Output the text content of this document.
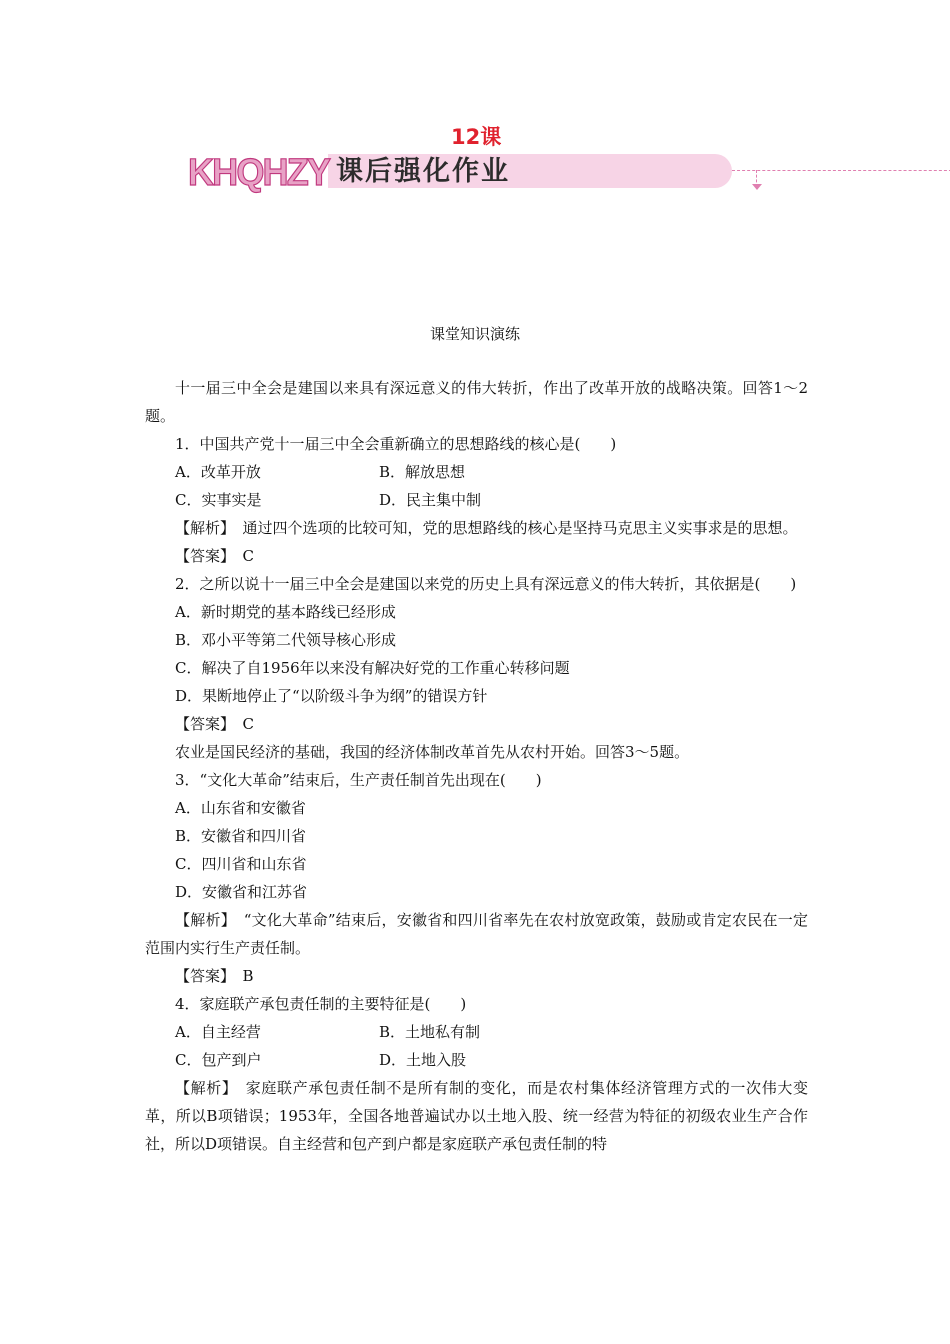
12课
KHQHZY 课后强化作业
课堂知识演练

十一届三中全会是建国以来具有深远意义的伟大转折，作出了改革开放的战略决策。回答1～2题。

1．中国共产党十一届三中全会重新确立的思想路线的核心是(　　)

A．改革开放	B．解放思想
C．实事实是	D．民主集中制

【解析】　 通过四个选项的比较可知，党的思想路线的核心是坚持马克思主义实事求是的思想。

【答案】　 C

2．之所以说十一届三中全会是建国以来党的历史上具有深远意义的伟大转折，其依据是(　　)

A．新时期党的基本路线已经形成

B．邓小平等第二代领导核心形成

C．解决了自1956年以来没有解决好党的工作重心转移问题

D．果断地停止了“以阶级斗争为纲”的错误方针

【答案】　 C

农业是国民经济的基础，我国的经济体制改革首先从农村开始。回答3～5题。

3．“文化大革命”结束后，生产责任制首先出现在(　　)

A．山东省和安徽省

B．安徽省和四川省

C．四川省和山东省

D．安徽省和江苏省

【解析】　 “文化大革命”结束后，安徽省和四川省率先在农村放宽政策，鼓励或肯定农民在一定范围内实行生产责任制。

【答案】　 B

4．家庭联产承包责任制的主要特征是(　　)

A．自主经营	B．土地私有制
C．包产到户	D．土地入股

【解析】　 家庭联产承包责任制不是所有制的变化，而是农村集体经济管理方式的一次伟大变革，所以B项错误；1953年，全国各地普遍试办以土地入股、统一经营为特征的初级农业生产合作社，所以D项错误。自主经营和包产到户都是家庭联产承包责任制的特
